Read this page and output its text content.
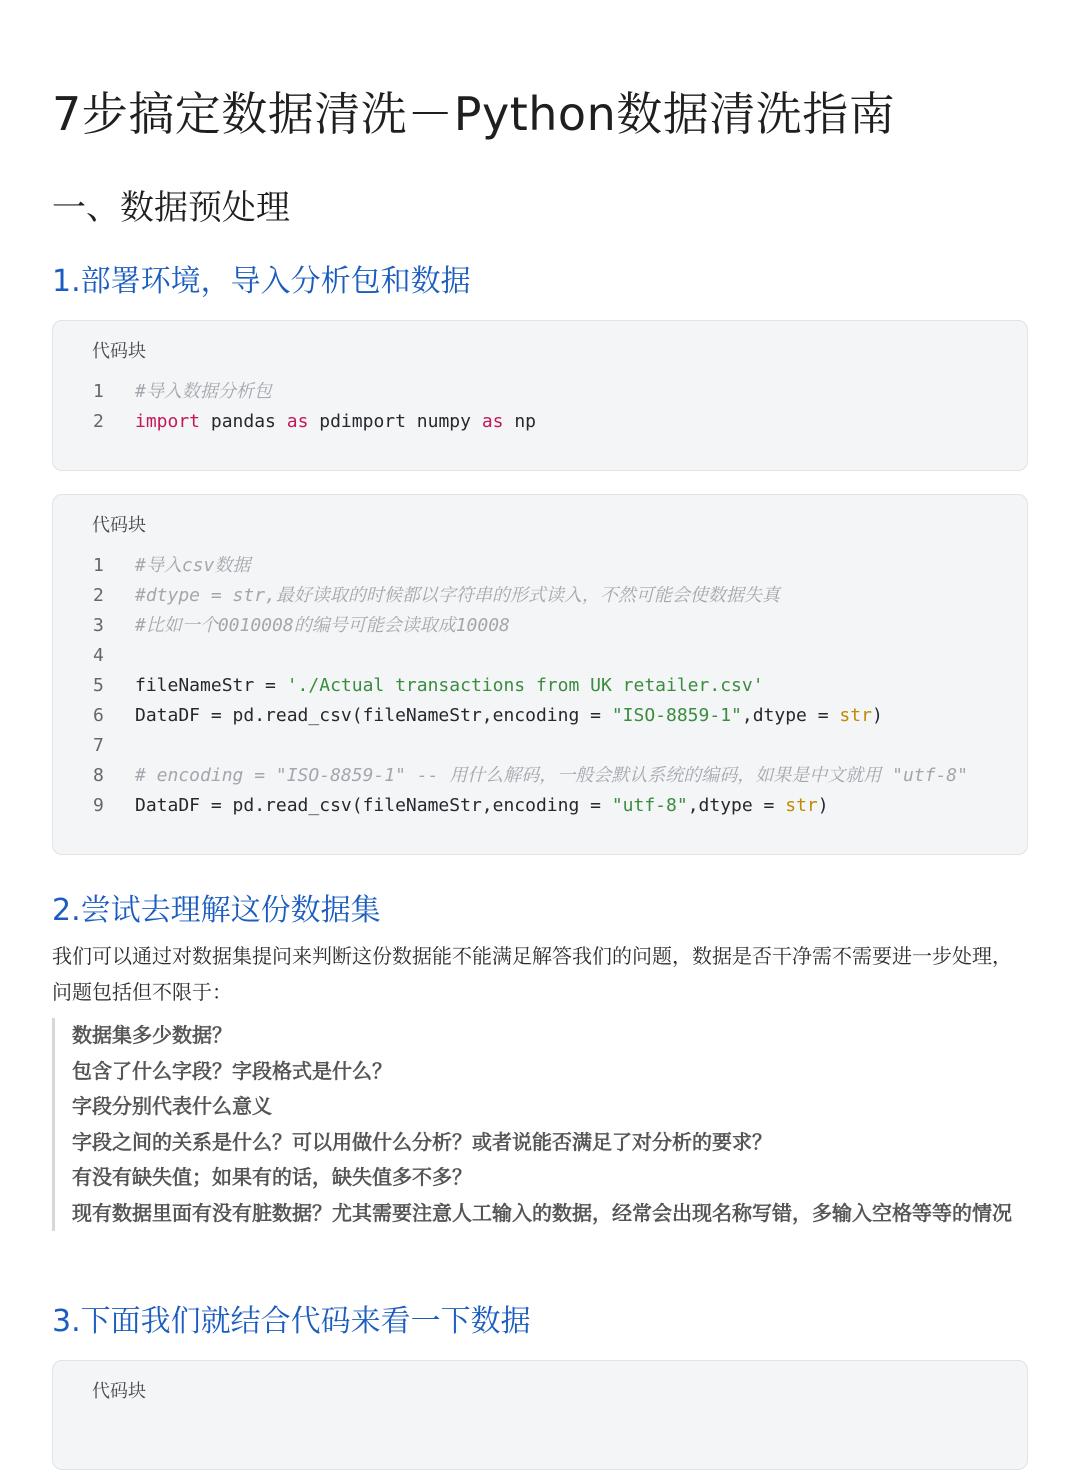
7步搞定数据清洗－Python数据清洗指南
一、数据预处理
1.部署环境，导入分析包和数据
代码块
1	#导入数据分析包
2	import pandas as pdimport numpy as np
代码块
1	#导入csv数据
2	#dtype = str,最好读取的时候都以字符串的形式读入，不然可能会使数据失真
3	#比如一个0010008的编号可能会读取成10008
4
5	fileNameStr = './Actual transactions from UK retailer.csv'
6	DataDF = pd.read_csv(fileNameStr,encoding = "ISO-8859-1",dtype = str)
7
8	# encoding = "ISO-8859-1" -- 用什么解码，一般会默认系统的编码，如果是中文就用 "utf-8"
9	DataDF = pd.read_csv(fileNameStr,encoding = "utf-8",dtype = str)
2.尝试去理解这份数据集
我们可以通过对数据集提问来判断这份数据能不能满足解答我们的问题，数据是否干净需不需要进一步处理，问题包括但不限于：
数据集多少数据？
包含了什么字段？字段格式是什么？
字段分别代表什么意义
字段之间的关系是什么？可以用做什么分析？或者说能否满足了对分析的要求？
有没有缺失值；如果有的话，缺失值多不多？
现有数据里面有没有脏数据？尤其需要注意人工输入的数据，经常会出现名称写错，多输入空格等等的情况
3.下面我们就结合代码来看一下数据
代码块
